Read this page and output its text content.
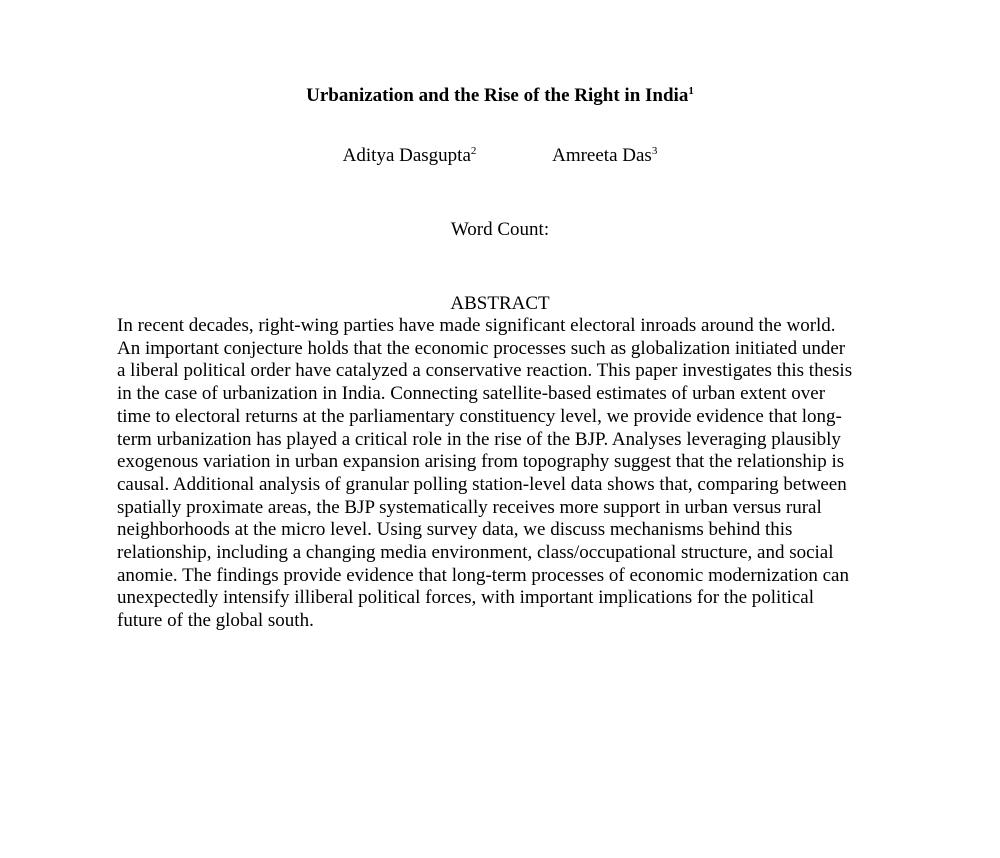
Urbanization and the Rise of the Right in India$^1$
Aditya Dasgupta$^2$	Amreeta Das$^3$
Word Count:
ABSTRACT
In recent decades, right-wing parties have made significant electoral inroads around the world.
An important conjecture holds that the economic processes such as globalization initiated under
a liberal political order have catalyzed a conservative reaction. This paper investigates this thesis
in the case of urbanization in India. Connecting satellite-based estimates of urban extent over
time to electoral returns at the parliamentary constituency level, we provide evidence that long-
term urbanization has played a critical role in the rise of the BJP. Analyses leveraging plausibly
exogenous variation in urban expansion arising from topography suggest that the relationship is
causal. Additional analysis of granular polling station-level data shows that, comparing between
spatially proximate areas, the BJP systematically receives more support in urban versus rural
neighborhoods at the micro level. Using survey data, we discuss mechanisms behind this
relationship, including a changing media environment, class/occupational structure, and social
anomie. The findings provide evidence that long-term processes of economic modernization can
unexpectedly intensify illiberal political forces, with important implications for the political
future of the global south.
